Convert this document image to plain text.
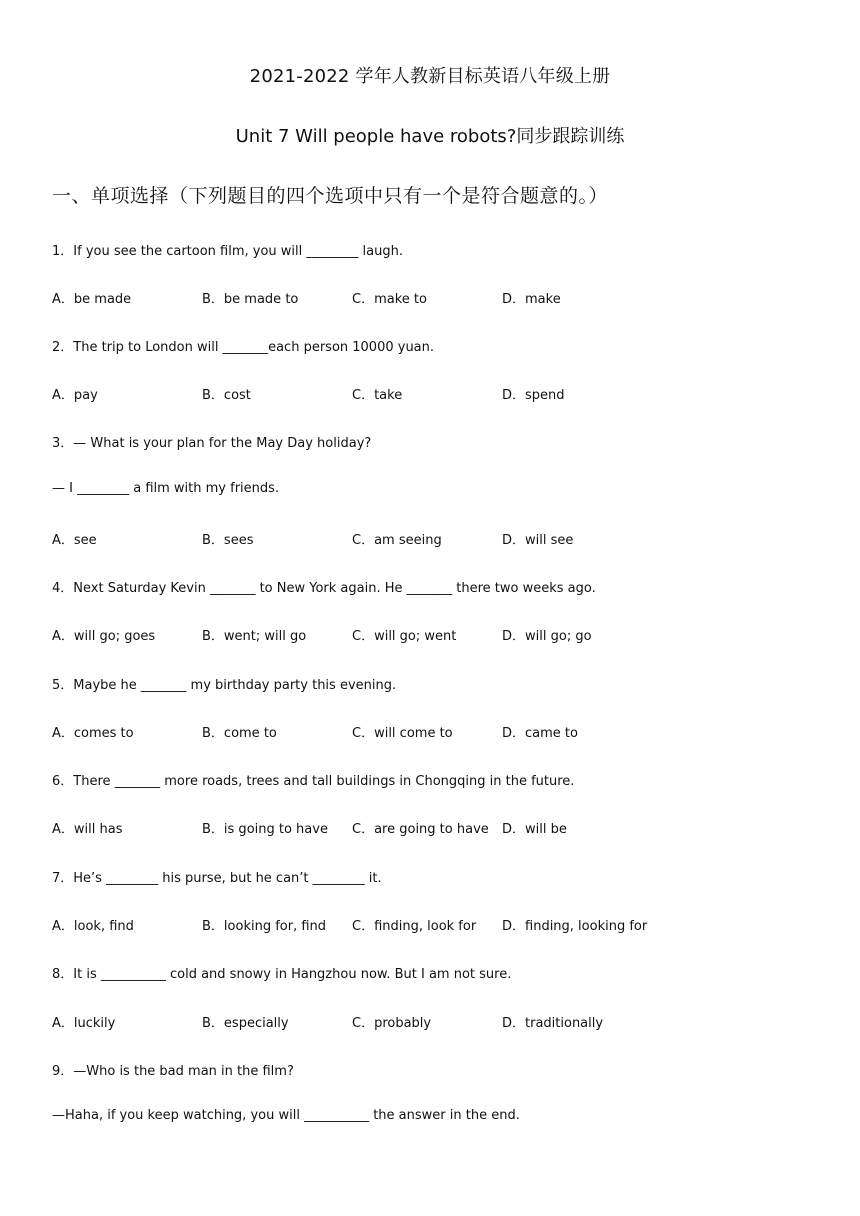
2021-2022 学年人教新目标英语八年级上册
Unit 7 Will people have robots?同步跟踪训练
一、单项选择（下列题目的四个选项中只有一个是符合题意的。）
1．If you see the cartoon film, you will ________ laugh.
A．be made	B．be made to	C．make to	D．make
2．The trip to London will _______each person 10000 yuan.
A．pay	B．cost	C．take	D．spend
3．— What is your plan for the May Day holiday?
— I ________ a film with my friends.
A．see	B．sees	C．am seeing	D．will see
4．Next Saturday Kevin _______ to New York again. He _______ there two weeks ago.
A．will go; goes	B．went; will go	C．will go; went	D．will go; go
5．Maybe he _______ my birthday party this evening.
A．comes to	B．come to	C．will come to	D．came to
6．There _______ more roads, trees and tall buildings in Chongqing in the future.
A．will has	B．is going to have C．are going to have D．will be
7．He’s ________ his purse, but he can’t ________ it.
A．look, find	B．looking for, find C．finding, look for D．finding, looking for
8．It is __________ cold and snowy in Hangzhou now. But I am not sure.
A．luckily	B．especially	C．probably	D．traditionally
9．—Who is the bad man in the film?
—Haha, if you keep watching, you will __________ the answer in the end.
